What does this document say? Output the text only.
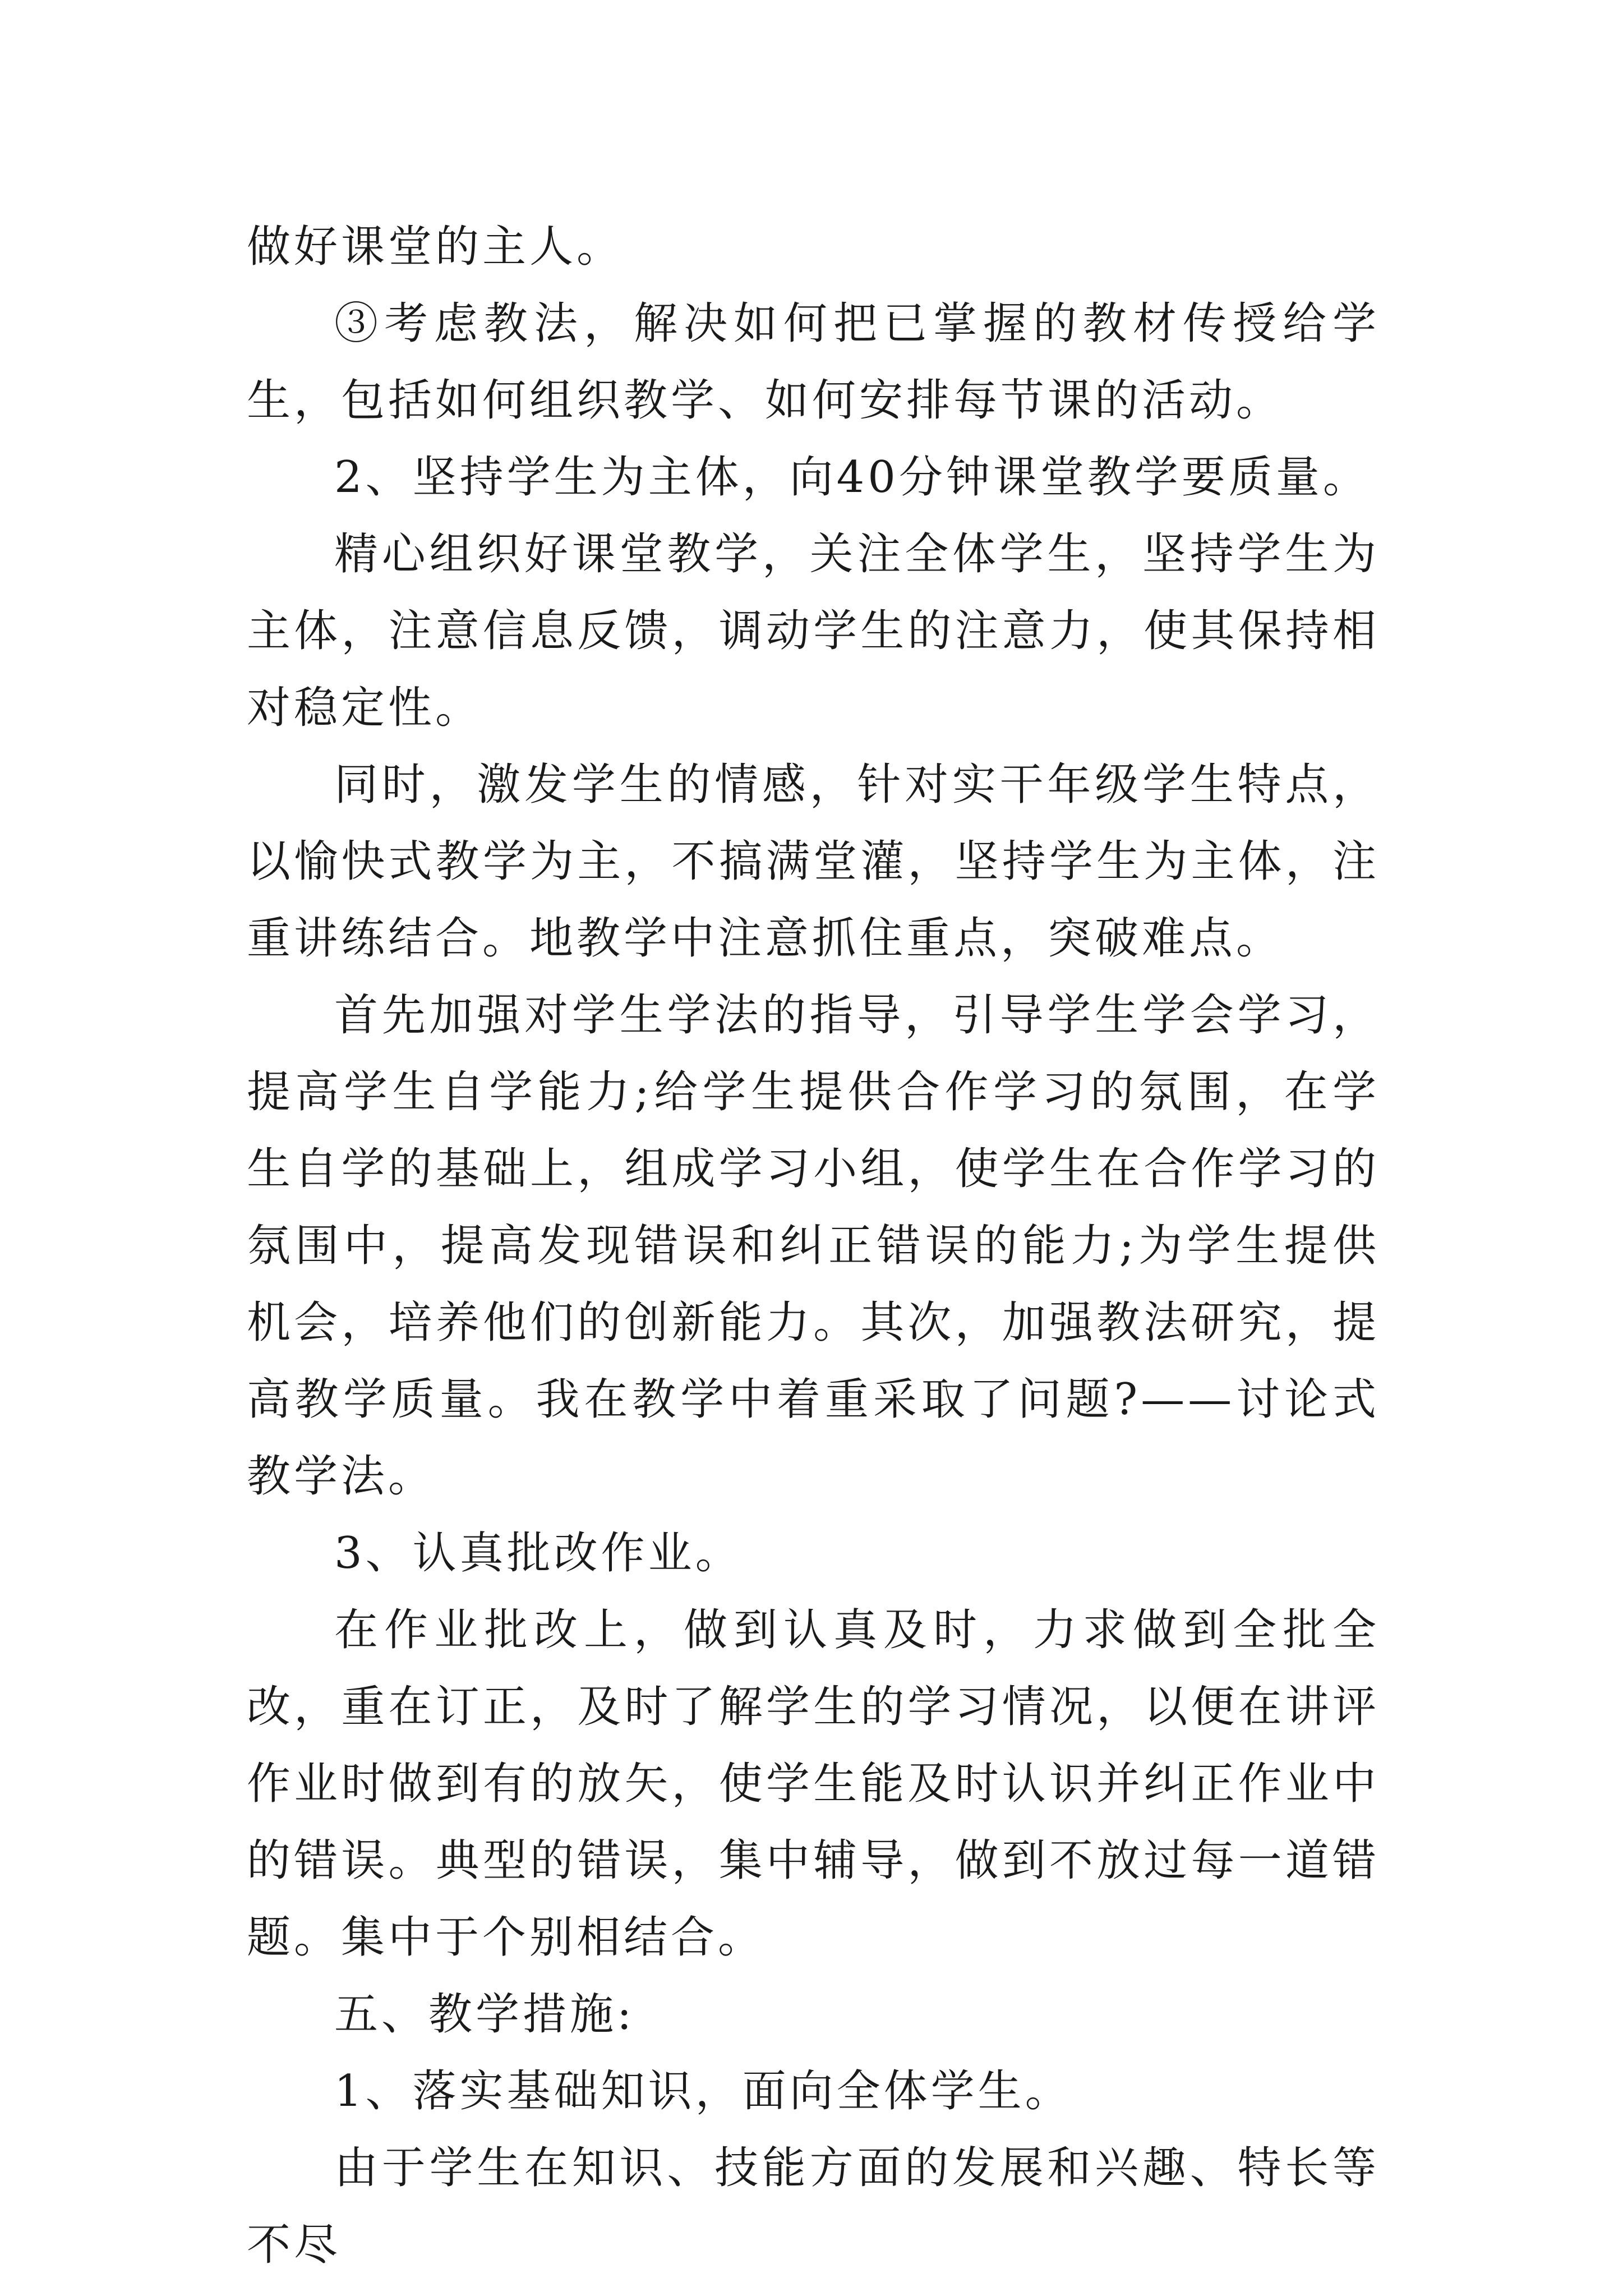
做好课堂的主人。

③考虑教法，解决如何把已掌握的教材传授给学生，包括如何组织教学、如何安排每节课的活动。

2、坚持学生为主体，向40分钟课堂教学要质量。

精心组织好课堂教学，关注全体学生，坚持学生为主体，注意信息反馈，调动学生的注意力，使其保持相对稳定性。

同时，激发学生的情感，针对实干年级学生特点，以愉快式教学为主，不搞满堂灌，坚持学生为主体，注重讲练结合。地教学中注意抓住重点，突破难点。

首先加强对学生学法的指导，引导学生学会学习，提高学生自学能力;给学生提供合作学习的氛围，在学生自学的基础上，组成学习小组，使学生在合作学习的氛围中，提高发现错误和纠正错误的能力;为学生提供机会，培养他们的创新能力。其次，加强教法研究，提高教学质量。我在教学中着重采取了问题?——讨论式教学法。

3、认真批改作业。

在作业批改上，做到认真及时，力求做到全批全改，重在订正，及时了解学生的学习情况，以便在讲评作业时做到有的放矢，使学生能及时认识并纠正作业中的错误。典型的错误，集中辅导，做到不放过每一道错题。集中于个别相结合。

五、教学措施:

1、落实基础知识，面向全体学生。

由于学生在知识、技能方面的发展和兴趣、特长等不尽
